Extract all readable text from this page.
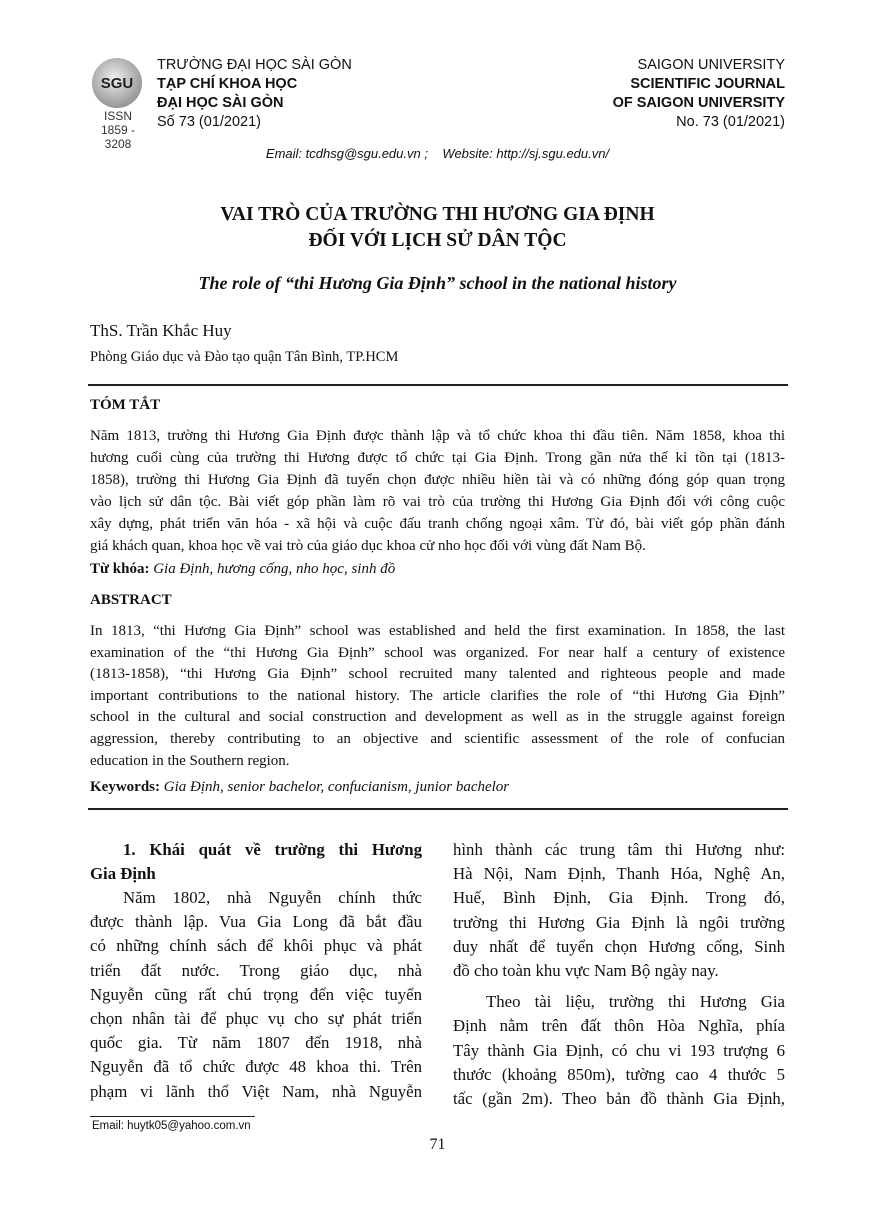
SGU
ISSN
1859 - 3208
TRƯỜNG ĐẠI HỌC SÀI GÒN
TẠP CHÍ KHOA HỌC
ĐẠI HỌC SÀI GÒN
Số 73 (01/2021)
SAIGON UNIVERSITY
SCIENTIFIC JOURNAL
OF SAIGON UNIVERSITY
No. 73 (01/2021)
Email: tcdhsg@sgu.edu.vn ;    Website: http://sj.sgu.edu.vn/
VAI TRÒ CỦA TRƯỜNG THI HƯƠNG GIA ĐỊNH
ĐỐI VỚI LỊCH SỬ DÂN TỘC
The role of “thi Hương Gia Định” school in the national history
ThS. Trần Khắc Huy
Phòng Giáo dục và Đào tạo quận Tân Bình, TP.HCM
TÓM TẮT
Năm 1813, trường thi Hương Gia Định được thành lập và tổ chức khoa thi đầu tiên. Năm 1858, khoa thi
hương cuối cùng của trường thi Hương được tổ chức tại Gia Định. Trong gần nửa thế kỉ tồn tại (1813-
1858), trường thi Hương Gia Định đã tuyển chọn được nhiều hiền tài và có những đóng góp quan trọng
vào lịch sử dân tộc. Bài viết góp phần làm rõ vai trò của trường thi Hương Gia Định đối với công cuộc
xây dựng, phát triển văn hóa - xã hội và cuộc đấu tranh chống ngoại xâm. Từ đó, bài viết góp phần đánh
giá khách quan, khoa học về vai trò của giáo dục khoa cử nho học đối với vùng đất Nam Bộ.
Từ khóa: Gia Định, hương cống, nho học, sinh đồ
ABSTRACT
In 1813, “thi Hương Gia Định” school was established and held the first examination. In 1858, the last
examination of the “thi Hương Gia Định” school was organized. For near half a century of existence
(1813-1858), “thi Hương Gia Định” school recruited many talented and righteous people and made
important contributions to the national history. The article clarifies the role of “thi Hương Gia Định”
school in the cultural and social construction and development as well as in the struggle against foreign
aggression, thereby contributing to an objective and scientific assessment of the role of confucian
education in the Southern region.
Keywords: Gia Định, senior bachelor, confucianism, junior bachelor
1. Khái quát về trường thi Hương
Gia Định
Năm 1802, nhà Nguyễn chính thức
được thành lập. Vua Gia Long đã bắt đầu
có những chính sách để khôi phục và phát
triển đất nước. Trong giáo dục, nhà
Nguyễn cũng rất chú trọng đến việc tuyển
chọn nhân tài để phục vụ cho sự phát triển
quốc gia. Từ năm 1807 đến 1918, nhà
Nguyễn đã tổ chức được 48 khoa thi. Trên
phạm vi lãnh thổ Việt Nam, nhà Nguyễn
hình thành các trung tâm thi Hương như:
Hà Nội, Nam Định, Thanh Hóa, Nghệ An,
Huế, Bình Định, Gia Định. Trong đó,
trường thi Hương Gia Định là ngôi trường
duy nhất để tuyển chọn Hương cống, Sinh
đồ cho toàn khu vực Nam Bộ ngày nay.
Theo tài liệu, trường thi Hương Gia
Định nằm trên đất thôn Hòa Nghĩa, phía
Tây thành Gia Định, có chu vi 193 trượng 6
thước (khoảng 850m), tường cao 4 thước 5
tấc (gần 2m). Theo bản đồ thành Gia Định,
Email: huytk05@yahoo.com.vn
71
